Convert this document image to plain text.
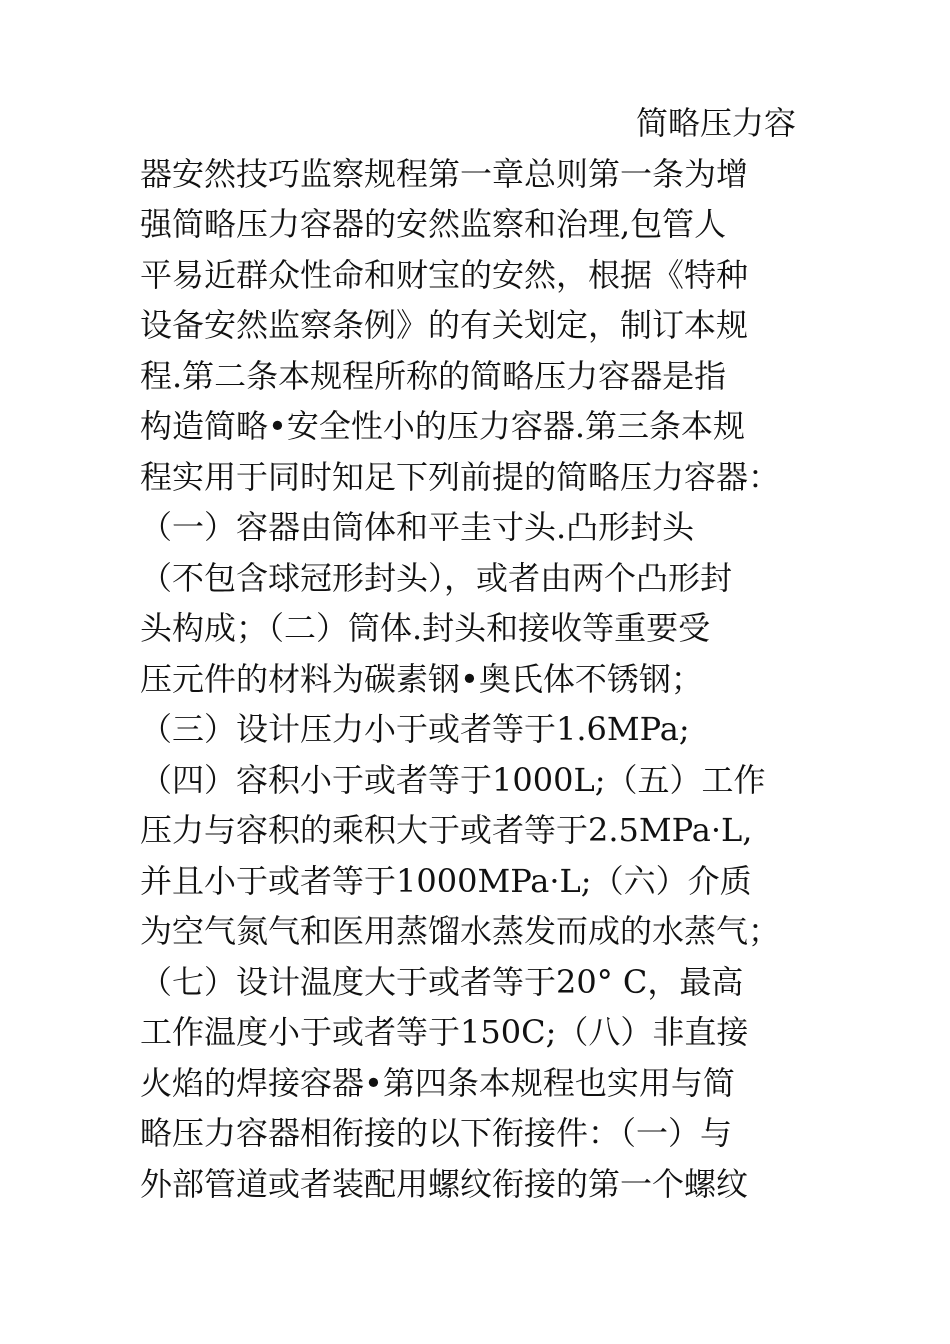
简略压力容
器安然技巧监察规程第一章总则第一条为增
强简略压力容器的安然监察和治理,包管人
平易近群众性命和财宝的安然，根据《特种
设备安然监察条例》的有关划定，制订本规
程.第二条本规程所称的简略压力容器是指
构造简略•安全性小的压力容器.第三条本规
程实用于同时知足下列前提的简略压力容器：
（一）容器由筒体和平圭寸头.凸形封头
（不包含球冠形封头），或者由两个凸形封
头构成；（二）筒体.封头和接收等重要受
压元件的材料为碳素钢•奥氏体不锈钢；
（三）设计压力小于或者等于1.6MPa;
（四）容积小于或者等于1000L;（五）工作
压力与容积的乘积大于或者等于2.5MPa·L,
并且小于或者等于1000MPa·L;（六）介质
为空气氮气和医用蒸馏水蒸发而成的水蒸气；
（七）设计温度大于或者等于20° C，最高
工作温度小于或者等于150C;（八）非直接
火焰的焊接容器•第四条本规程也实用与简
略压力容器相衔接的以下衔接件：（一）与
外部管道或者装配用螺纹衔接的第一个螺纹
